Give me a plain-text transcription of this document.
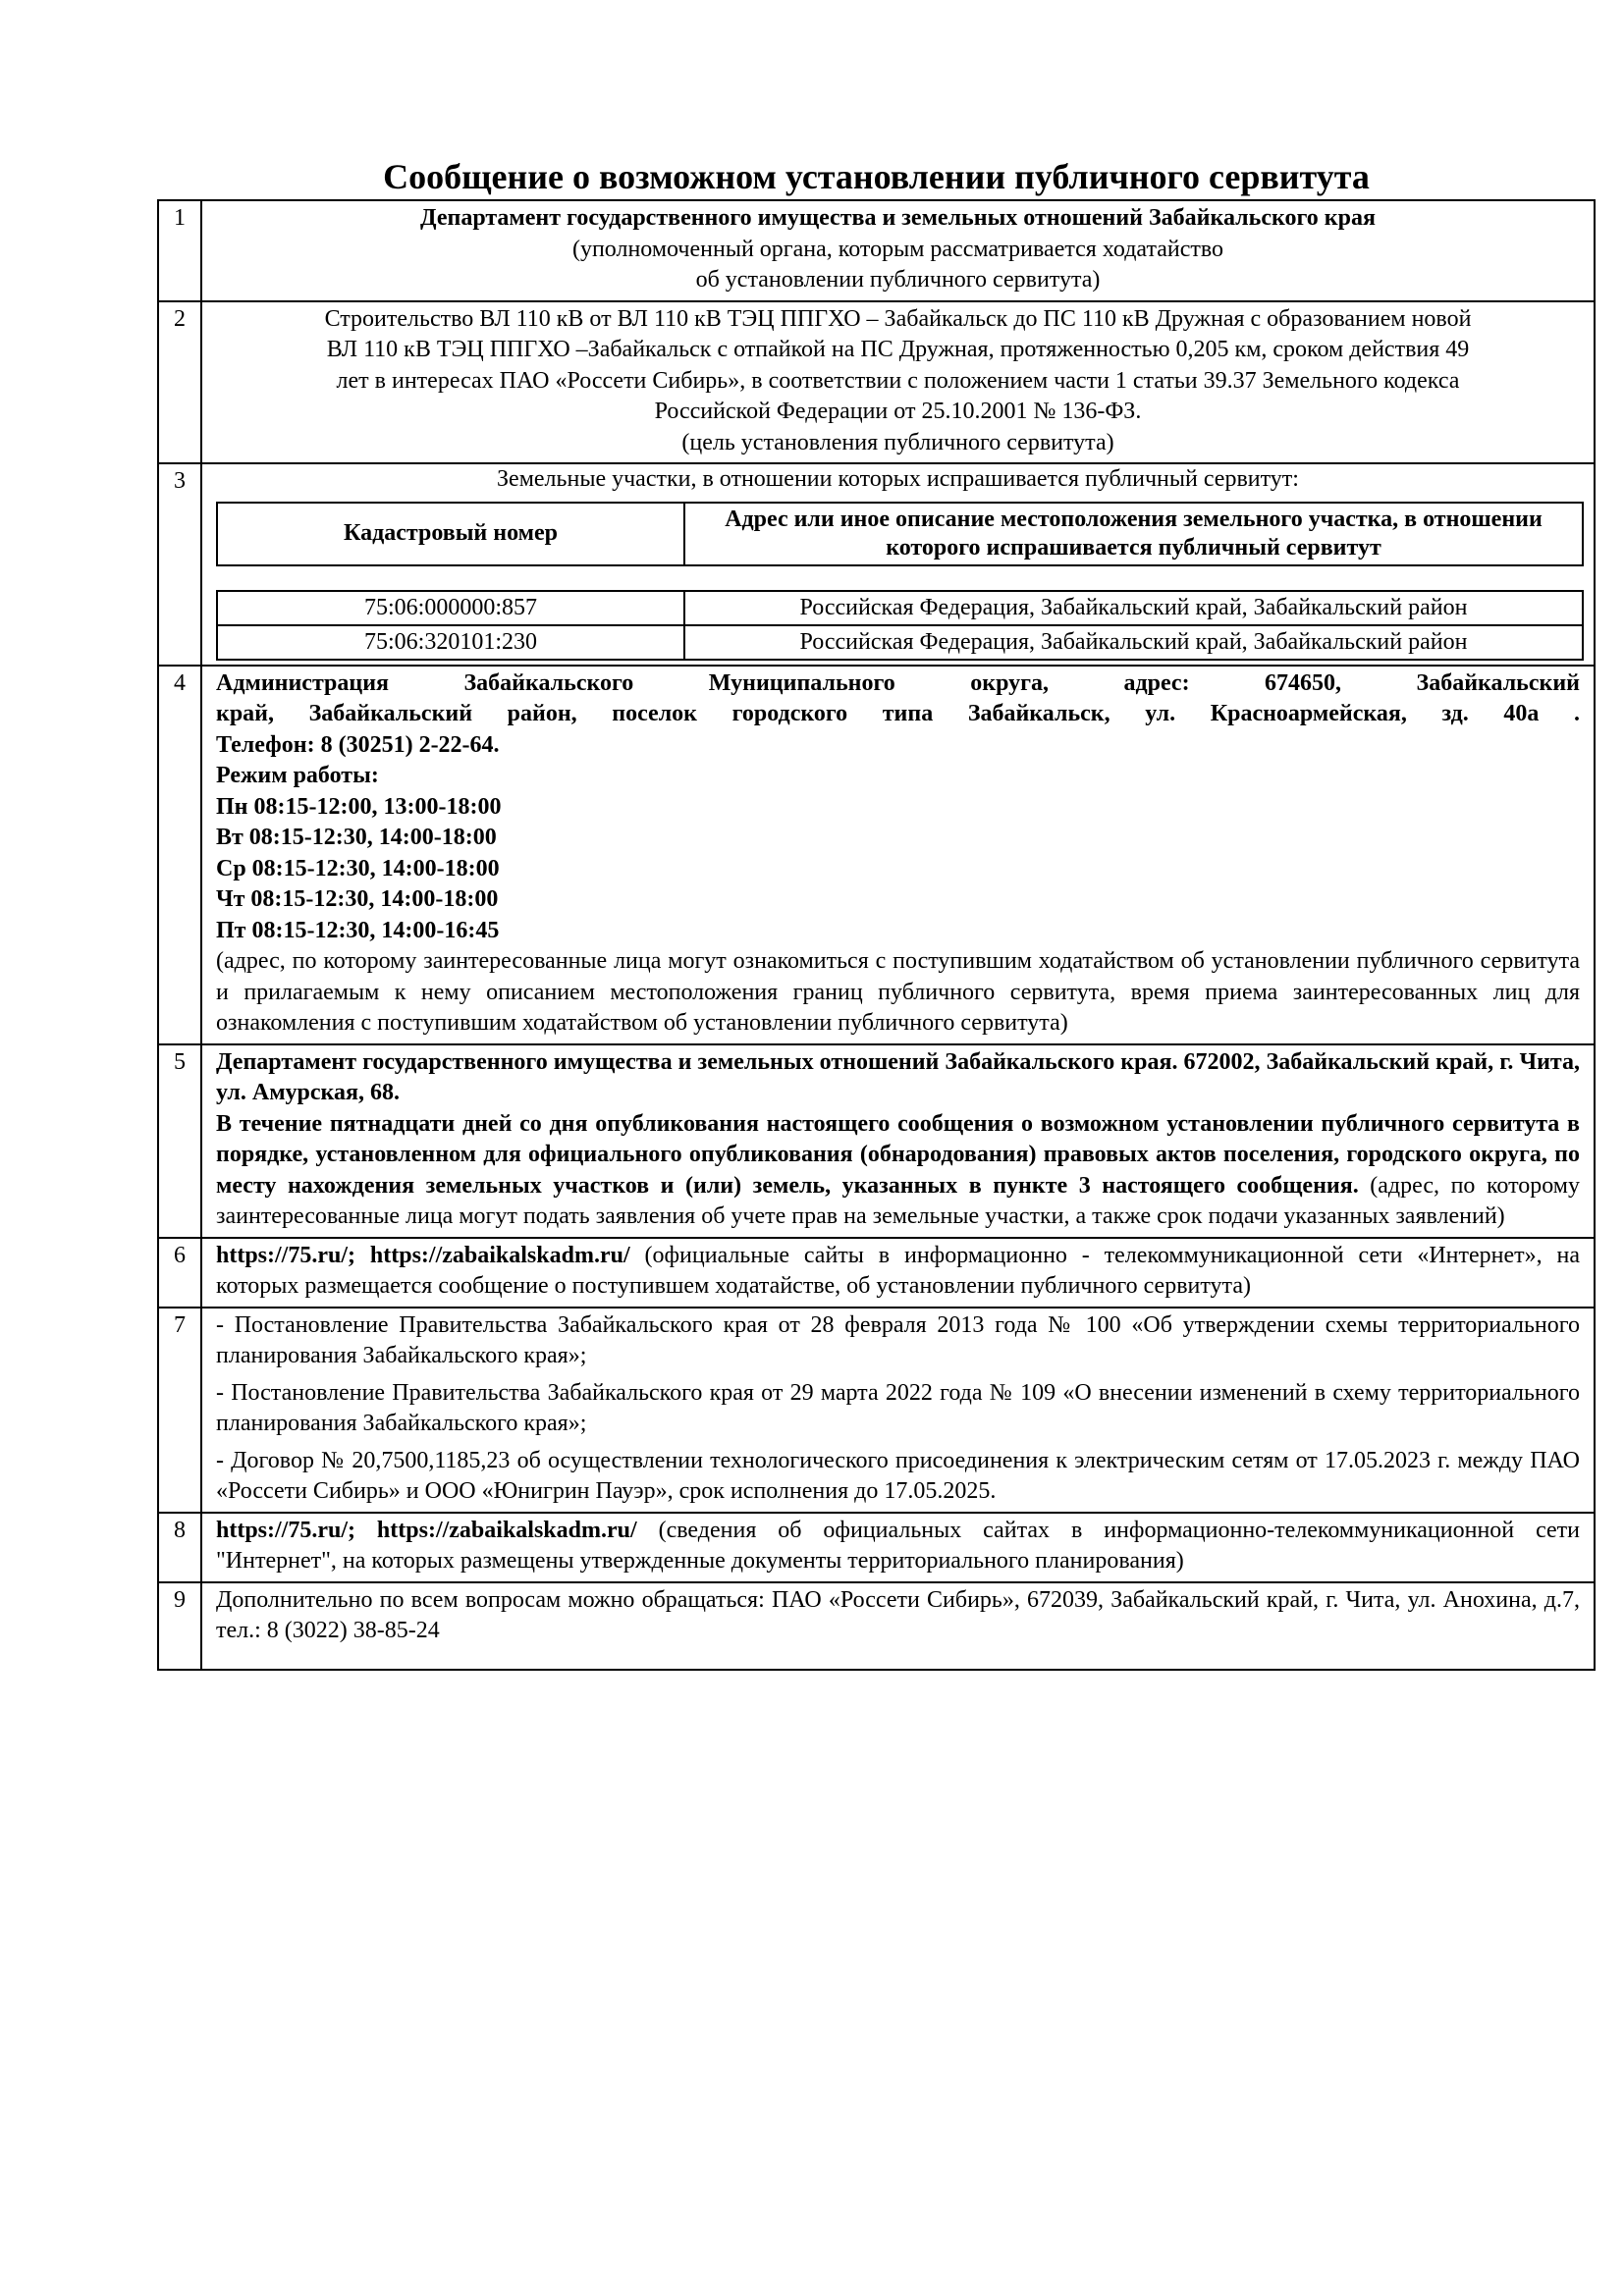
Сообщение о возможном установлении публичного сервитута
1	Департамент государственного имущества и земельных отношений Забайкальского края

(уполномоченный органа, которым рассматривается ходатайство

об установлении публичного сервитута)

2	Строительство ВЛ 110 кВ от ВЛ 110 кВ ТЭЦ ППГХО – Забайкальск до ПС 110 кВ Дружная с образованием новой

ВЛ 110 кВ ТЭЦ ППГХО –Забайкальск с отпайкой на ПС Дружная, протяженностью 0,205 км, сроком действия 49

лет в интересах ПАО «Россети Сибирь», в соответствии с положением части 1 статьи 39.37 Земельного кодекса

Российской Федерации от 25.10.2001 № 136-ФЗ.

(цель установления публичного сервитута)

3	Земельные участки, в отношении которых испрашивается публичный сервитут:

Кадастровый номер	Адрес или иное описание местоположения земельного участка, в отношении которого испрашивается публичный сервитут
75:06:000000:857	Российская Федерация, Забайкальский край, Забайкальский район
75:06:320101:230	Российская Федерация, Забайкальский край, Забайкальский район

4	Администрация Забайкальского Муниципального округа, адрес: 674650, Забайкальский

край, Забайкальский район, поселок городского типа Забайкальск, ул. Красноармейская, зд. 40а .

Телефон: 8 (30251) 2-22-64.

Режим работы:

Пн 08:15-12:00, 13:00-18:00

Вт 08:15-12:30, 14:00-18:00

Ср 08:15-12:30, 14:00-18:00

Чт 08:15-12:30, 14:00-18:00

Пт 08:15-12:30, 14:00-16:45

(адрес, по которому заинтересованные лица могут ознакомиться с поступившим ходатайством об установлении публичного сервитута и прилагаемым к нему описанием местоположения границ публичного сервитута, время приема заинтересованных лиц для ознакомления с поступившим ходатайством об установлении публичного сервитута)

5	Департамент государственного имущества и земельных отношений Забайкальского края. 672002, Забайкальский край, г. Чита, ул. Амурская, 68.

В течение пятнадцати дней со дня опубликования настоящего сообщения о возможном установлении публичного сервитута в порядке, установленном для официального опубликования (обнародования) правовых актов поселения, городского округа, по месту нахождения земельных участков и (или) земель, указанных в пункте 3 настоящего сообщения. (адрес, по которому заинтересованные лица могут подать заявления об учете прав на земельные участки, а также срок подачи указанных заявлений)

6	https://75.ru/; https://zabaikalskadm.ru/ (официальные сайты в информационно - телекоммуникационной сети «Интернет», на которых размещается сообщение о поступившем ходатайстве, об установлении публичного сервитута)

7	- Постановление Правительства Забайкальского края от 28 февраля 2013 года № 100 «Об утверждении схемы территориального планирования Забайкальского края»;

- Постановление Правительства Забайкальского края от 29 марта 2022 года № 109 «О внесении изменений в схему территориального планирования Забайкальского края»;

- Договор № 20,7500,1185,23 об осуществлении технологического присоединения к электрическим сетям от 17.05.2023 г. между ПАО «Россети Сибирь» и ООО «Юнигрин Пауэр», срок исполнения до 17.05.2025.

8	https://75.ru/; https://zabaikalskadm.ru/ (сведения об официальных сайтах в информационно-телекоммуникационной сети "Интернет", на которых размещены утвержденные документы территориального планирования)

9	Дополнительно по всем вопросам можно обращаться: ПАО «Россети Сибирь», 672039, Забайкальский край, г. Чита, ул. Анохина, д.7, тел.: 8 (3022) 38-85-24
